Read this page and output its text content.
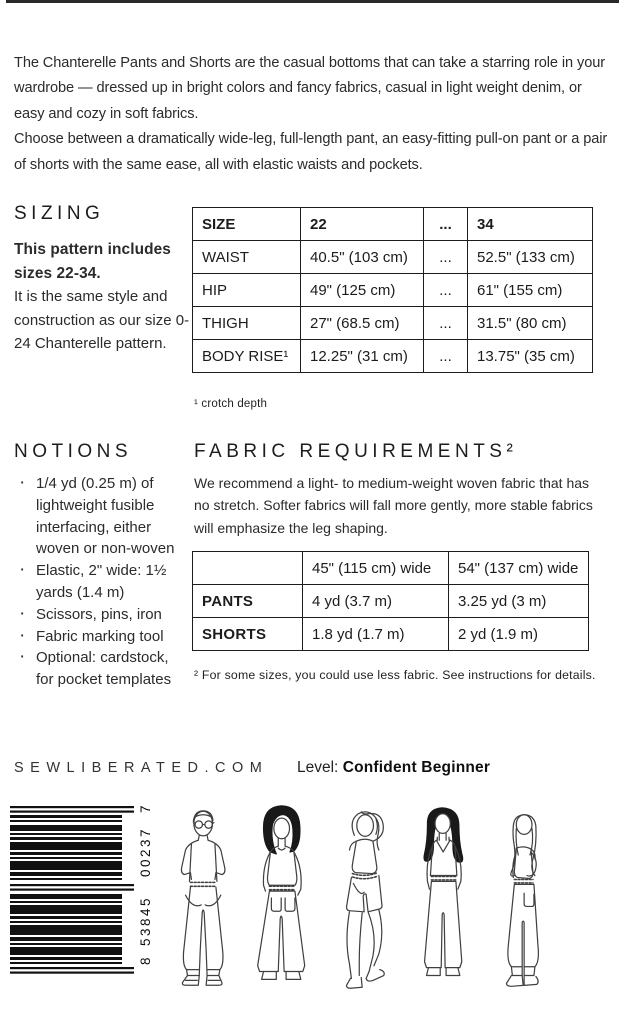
The Chanterelle Pants and Shorts are the casual bottoms that can take a starring role in your wardrobe — dressed up in bright colors and fancy fabrics, casual in light weight denim, or easy and cozy in soft fabrics.

Choose between a dramatically wide-leg, full-length pant, an easy-fitting pull-on pant or a pair of shorts with the same ease, all with elastic waists and pockets.

SIZING

This pattern includes sizes 22-34.

It is the same style and construction as our size 0-24 Chanterelle pattern.

SIZE	22	...	34
WAIST	40.5" (103 cm)	...	52.5" (133 cm)
HIP	49" (125 cm)	...	61" (155 cm)
THIGH	27" (68.5 cm)	...	31.5" (80 cm)
BODY RISE¹	12.25" (31 cm)	...	13.75" (35 cm)
¹ crotch depth
NOTIONS
· 1/4 yd (0.25 m) of lightweight fusible interfacing, either woven or non-woven
· Elastic, 2" wide: 1½ yards (1.4 m)
· Scissors, pins, iron
· Fabric marking tool
· Optional: cardstock, for pocket templates
FABRIC REQUIREMENTS²

We recommend a light- to medium-weight woven fabric that has no stretch. Softer fabrics will fall more gently, more stable fabrics will emphasize the leg shaping.

	45" (115 cm) wide	54" (137 cm) wide
PANTS	4 yd (3.7 m)	3.25 yd (3 m)
SHORTS	1.8 yd (1.7 m)	2 yd (1.9 m)
² For some sizes, you could use less fabric. See instructions for details.
SEWLIBERATED.COM Level: Confident Beginner
7
00237
53845
8
